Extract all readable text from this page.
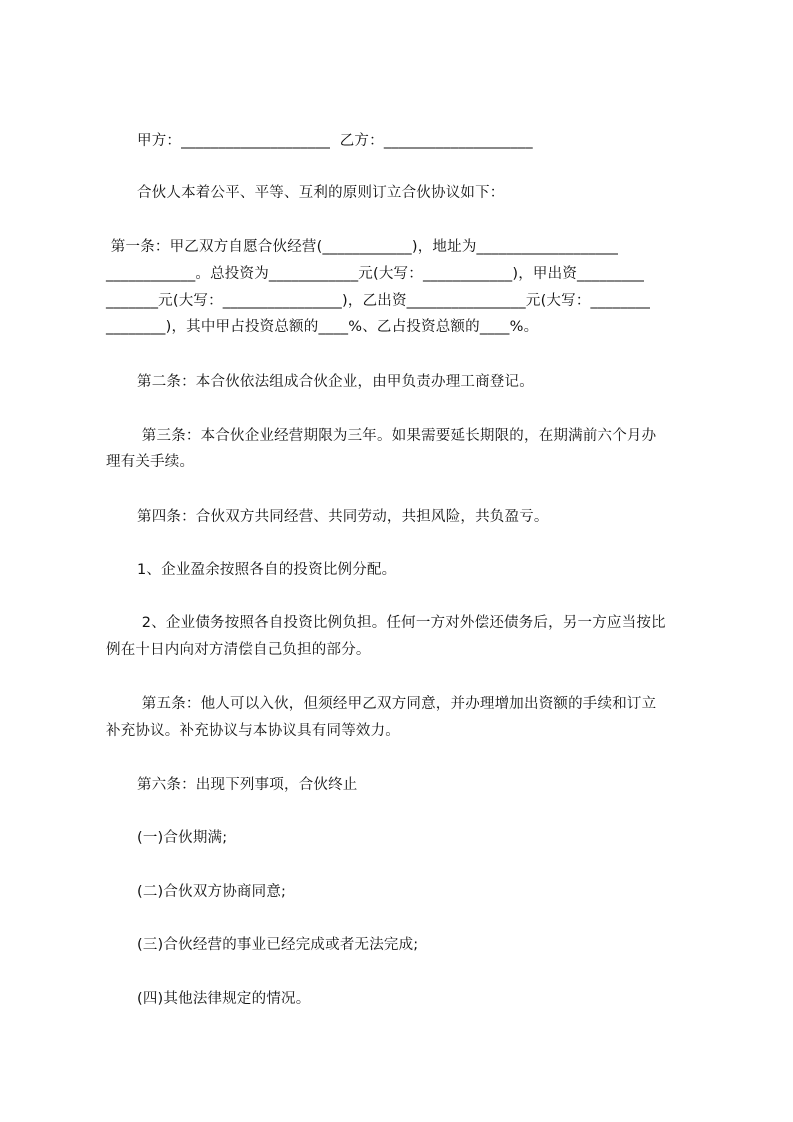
甲方：____________________  乙方：____________________
合伙人本着公平、平等、互利的原则订立合伙协议如下：
第一条：甲乙双方自愿合伙经营(____________)，地址为___________________
____________。总投资为____________元(大写：____________)，甲出资_________
_______元(大写：________________)，乙出资________________元(大写：________
________)，其中甲占投资总额的____%、乙占投资总额的____%。
第二条：本合伙依法组成合伙企业，由甲负责办理工商登记。
第三条：本合伙企业经营期限为三年。如果需要延长期限的，在期满前六个月办
理有关手续。
第四条：合伙双方共同经营、共同劳动，共担风险，共负盈亏。
1、企业盈余按照各自的投资比例分配。
2、企业债务按照各自投资比例负担。任何一方对外偿还债务后，另一方应当按比
例在十日内向对方清偿自己负担的部分。
第五条：他人可以入伙，但须经甲乙双方同意，并办理增加出资额的手续和订立
补充协议。补充协议与本协议具有同等效力。
第六条：出现下列事项，合伙终止
(一)合伙期满;
(二)合伙双方协商同意;
(三)合伙经营的事业已经完成或者无法完成;
(四)其他法律规定的情况。
